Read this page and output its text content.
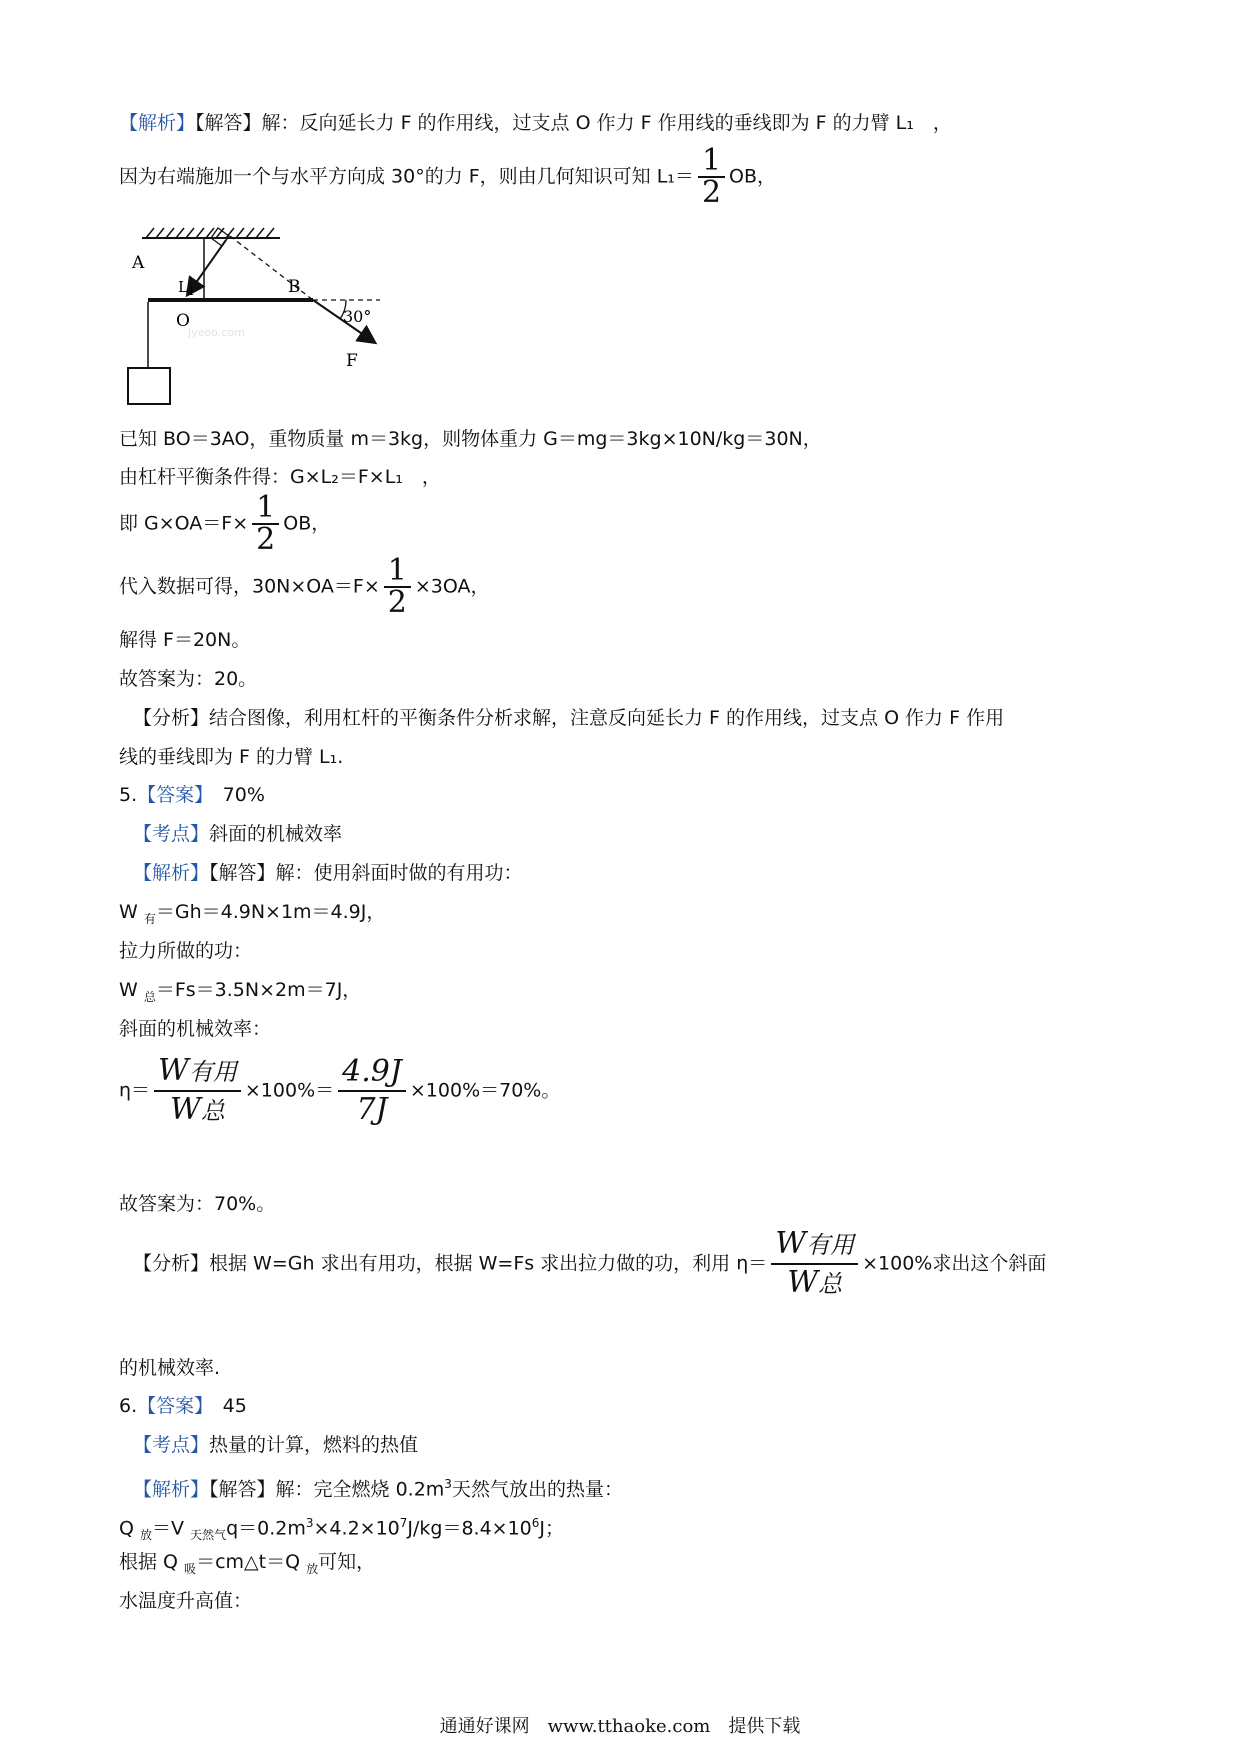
【解析】【解答】解：反向延长力 F 的作用线，过支点 O 作力 F 作用线的垂线即为 F 的力臂 L₁　，
因为右端施加一个与水平方向成 30°的力 F，则由几何知识可知 $L_1= \frac{1}{2}$ OB，
A
$L_1$
O
B
30°
F
Jyeoo.com
已知 BO＝3AO，重物质量 m＝3kg，则物体重力 G＝mg＝3kg×10N/kg＝30N，
由杠杆平衡条件得：G×L₂＝F×L₁　，
即 $G\times OA=F\times \frac{1}{2}$ OB，
代入数据可得，$30N\times OA=F\times \frac{1}{2} \times 3OA$，
解得 F＝20N。
故答案为：20。
【分析】结合图像，利用杠杆的平衡条件分析求解，注意反向延长力 F 的作用线，过支点 O 作力 F 作用
线的垂线即为 F 的力臂 L₁.
5.【答案】　70%
【考点】斜面的机械效率
【解析】【解答】解：使用斜面时做的有用功：
W $_有$＝Gh＝4.9N×1m＝4.9J，
拉力所做的功：
W $_总$＝Fs＝3.5N×2m＝7J，
斜面的机械效率：
$\eta= \frac{\text{W有用}}{\text{W总}} \times 100\%= \frac{4.9J}{7J} \times 100\%=70\%$。
故答案为：70%。
【分析】根据 W=Gh 求出有用功，根据 W=Fs 求出拉力做的功，利用 $\eta= \frac{\text{W有用}}{\text{W总}} \times 100\%$求出这个斜面
的机械效率.
6.【答案】　45
【考点】热量的计算，燃料的热值
【解析】【解答】解：完全燃烧 $0.2m^3$天然气放出的热量：
Q $_放$＝V $_{天然气}q=0.2m^3\times 4.2\times 10^7J/kg=8.4\times 10^6J$；
根据 Q $_吸$＝cm△t＝Q $_放$可知，
水温度升高值：
通通好课网　www.tthaoke.com　提供下载
